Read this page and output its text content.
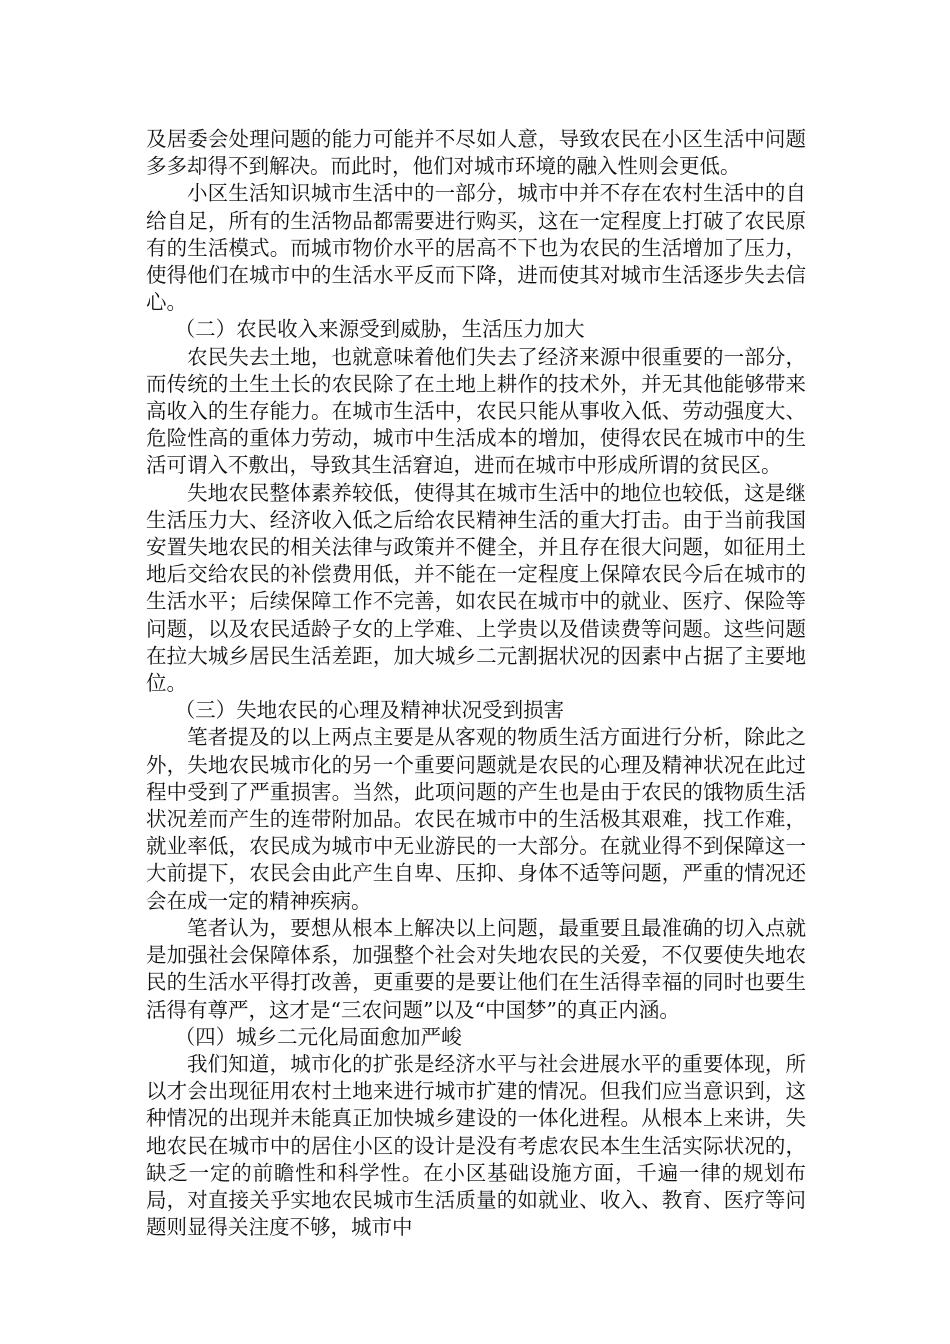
及居委会处理问题的能力可能并不尽如人意，导致农民在小区生活中问题多多却得不到解决。而此时，他们对城市环境的融入性则会更低。

小区生活知识城市生活中的一部分，城市中并不存在农村生活中的自给自足，所有的生活物品都需要进行购买，这在一定程度上打破了农民原有的生活模式。而城市物价水平的居高不下也为农民的生活增加了压力，使得他们在城市中的生活水平反而下降，进而使其对城市生活逐步失去信心。

（二）农民收入来源受到威胁，生活压力加大

农民失去土地，也就意味着他们失去了经济来源中很重要的一部分，而传统的土生土长的农民除了在土地上耕作的技术外，并无其他能够带来高收入的生存能力。在城市生活中，农民只能从事收入低、劳动强度大、危险性高的重体力劳动，城市中生活成本的增加，使得农民在城市中的生活可谓入不敷出，导致其生活窘迫，进而在城市中形成所谓的贫民区。

失地农民整体素养较低，使得其在城市生活中的地位也较低，这是继生活压力大、经济收入低之后给农民精神生活的重大打击。由于当前我国安置失地农民的相关法律与政策并不健全，并且存在很大问题，如征用土地后交给农民的补偿费用低，并不能在一定程度上保障农民今后在城市的生活水平；后续保障工作不完善，如农民在城市中的就业、医疗、保险等问题，以及农民适龄子女的上学难、上学贵以及借读费等问题。这些问题在拉大城乡居民生活差距，加大城乡二元割据状况的因素中占据了主要地位。

（三）失地农民的心理及精神状况受到损害

笔者提及的以上两点主要是从客观的物质生活方面进行分析，除此之外，失地农民城市化的另一个重要问题就是农民的心理及精神状况在此过程中受到了严重损害。当然，此项问题的产生也是由于农民的饿物质生活状况差而产生的连带附加品。农民在城市中的生活极其艰难，找工作难，就业率低，农民成为城市中无业游民的一大部分。在就业得不到保障这一大前提下，农民会由此产生自卑、压抑、身体不适等问题，严重的情况还会在成一定的精神疾病。

笔者认为，要想从根本上解决以上问题，最重要且最准确的切入点就是加强社会保障体系，加强整个社会对失地农民的关爱，不仅要使失地农民的生活水平得打改善，更重要的是要让他们在生活得幸福的同时也要生活得有尊严，这才是“三农问题”以及“中国梦”的真正内涵。

（四）城乡二元化局面愈加严峻

我们知道，城市化的扩张是经济水平与社会进展水平的重要体现，所以才会出现征用农村土地来进行城市扩建的情况。但我们应当意识到，这种情况的出现并未能真正加快城乡建设的一体化进程。从根本上来讲，失地农民在城市中的居住小区的设计是没有考虑农民本生生活实际状况的，缺乏一定的前瞻性和科学性。在小区基础设施方面，千遍一律的规划布局，对直接关乎实地农民城市生活质量的如就业、收入、教育、医疗等问题则显得关注度不够，城市中
